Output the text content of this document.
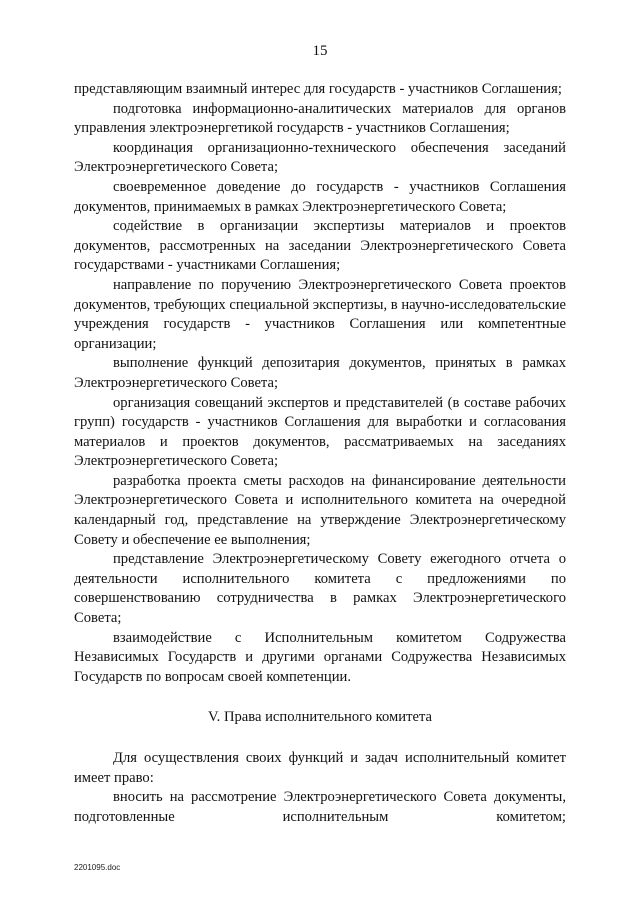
15

представляющим взаимный интерес для государств - участников Соглашения;

подготовка информационно-аналитических материалов для органов управления электроэнергетикой государств - участников Соглашения;

координация организационно-технического обеспечения заседаний Электроэнергетического Совета;

своевременное доведение до государств - участников Соглашения документов, принимаемых в рамках Электроэнергетического Совета;

содействие в организации экспертизы материалов и проектов документов, рассмотренных на заседании Электроэнергетического Совета государствами - участниками Соглашения;

направление по поручению Электроэнергетического Совета проектов документов, требующих специальной экспертизы, в научно-исследовательские учреждения государств - участников Соглашения или компетентные организации;

выполнение функций депозитария документов, принятых в рамках Электроэнергетического Совета;

организация совещаний экспертов и представителей (в составе рабочих групп) государств - участников Соглашения для выработки и согласования материалов и проектов документов, рассматриваемых на заседаниях Электроэнергетического Совета;

разработка проекта сметы расходов на финансирование деятельности Электроэнергетического Совета и исполнительного комитета на очередной календарный год, представление на утверждение Электроэнергетическому Совету и обеспечение ее выполнения;

представление Электроэнергетическому Совету ежегодного отчета о деятельности исполнительного комитета с предложениями по совершенствованию сотрудничества в рамках Электроэнергетического Совета;

взаимодействие с Исполнительным комитетом Содружества Независимых Государств и другими органами Содружества Независимых Государств по вопросам своей компетенции.

V. Права исполнительного комитета

Для осуществления своих функций и задач исполнительный комитет имеет право:

вносить на рассмотрение Электроэнергетического Совета документы, подготовленные исполнительным комитетом;

2201095.doc
